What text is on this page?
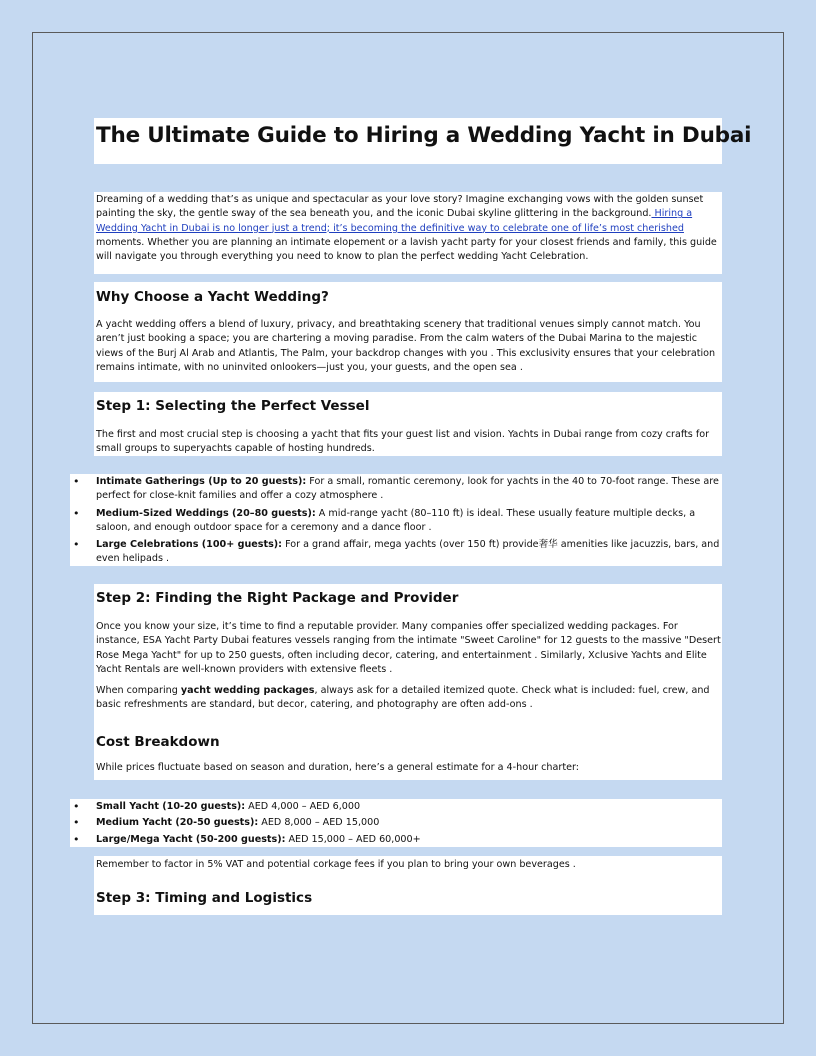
The Ultimate Guide to Hiring a Wedding Yacht in Dubai

Dreaming of a wedding that’s as unique and spectacular as your love story? Imagine exchanging vows with the golden sunset painting the sky, the gentle sway of the sea beneath you, and the iconic Dubai skyline glittering in the background. Hiring a Wedding Yacht in Dubai is no longer just a trend; it’s becoming the definitive way to celebrate one of life’s most cherished moments. Whether you are planning an intimate elopement or a lavish yacht party for your closest friends and family, this guide will navigate you through everything you need to know to plan the perfect wedding Yacht Celebration.

Why Choose a Yacht Wedding?

A yacht wedding offers a blend of luxury, privacy, and breathtaking scenery that traditional venues simply cannot match. You aren’t just booking a space; you are chartering a moving paradise. From the calm waters of the Dubai Marina to the majestic views of the Burj Al Arab and Atlantis, The Palm, your backdrop changes with you . This exclusivity ensures that your celebration remains intimate, with no uninvited onlookers—just you, your guests, and the open sea .

Step 1: Selecting the Perfect Vessel

The first and most crucial step is choosing a yacht that fits your guest list and vision. Yachts in Dubai range from cozy crafts for small groups to superyachts capable of hosting hundreds.

• Intimate Gatherings (Up to 20 guests): For a small, romantic ceremony, look for yachts in the 40 to 70-foot range. These are perfect for close-knit families and offer a cozy atmosphere .
• Medium-Sized Weddings (20–80 guests): A mid-range yacht (80–110 ft) is ideal. These usually feature multiple decks, a saloon, and enough outdoor space for a ceremony and a dance floor .
• Large Celebrations (100+ guests): For a grand affair, mega yachts (over 150 ft) provide奢华 amenities like jacuzzis, bars, and even helipads .
Step 2: Finding the Right Package and Provider

Once you know your size, it’s time to find a reputable provider. Many companies offer specialized wedding packages. For instance, ESA Yacht Party Dubai features vessels ranging from the intimate "Sweet Caroline" for 12 guests to the massive "Desert Rose Mega Yacht" for up to 250 guests, often including decor, catering, and entertainment . Similarly, Xclusive Yachts and Elite Yacht Rentals are well-known providers with extensive fleets .

When comparing yacht wedding packages, always ask for a detailed itemized quote. Check what is included: fuel, crew, and basic refreshments are standard, but decor, catering, and photography are often add-ons .

Cost Breakdown

While prices fluctuate based on season and duration, here’s a general estimate for a 4-hour charter:

• Small Yacht (10-20 guests): AED 4,000 – AED 6,000
• Medium Yacht (20-50 guests): AED 8,000 – AED 15,000
• Large/Mega Yacht (50-200 guests): AED 15,000 – AED 60,000+

Remember to factor in 5% VAT and potential corkage fees if you plan to bring your own beverages .

Step 3: Timing and Logistics
